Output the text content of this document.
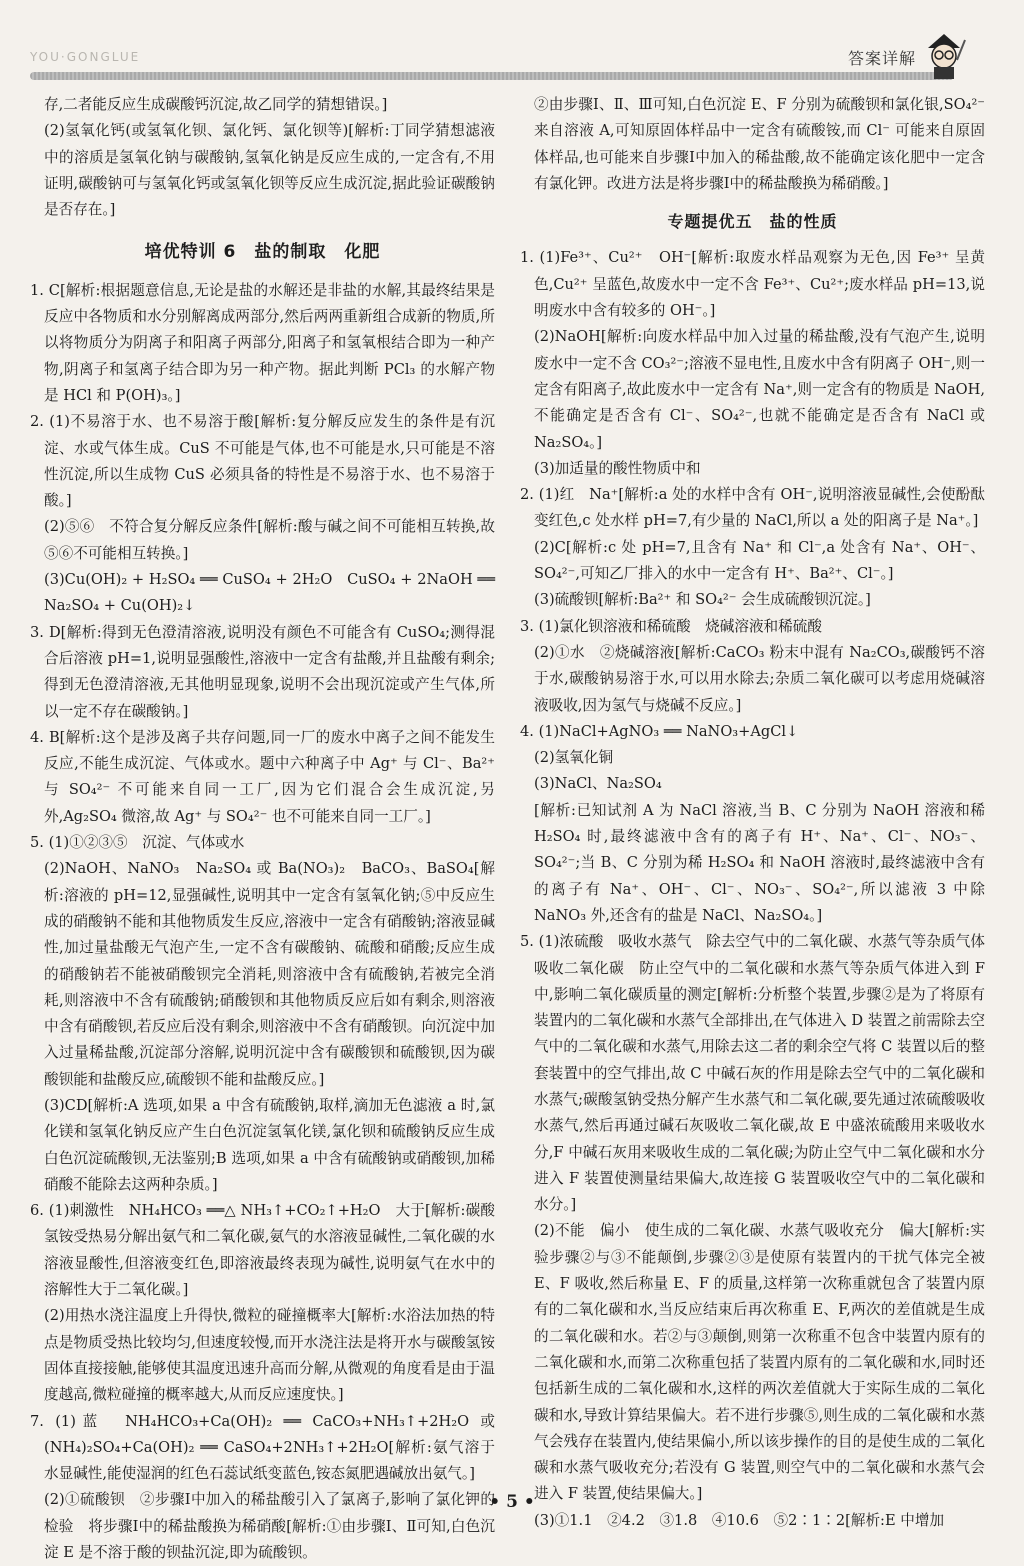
YOU·GONGLUE	答案详解

存,二者能反应生成碳酸钙沉淀,故乙同学的猜想错误。]

(2)氢氧化钙(或氢氧化钡、氯化钙、氯化钡等)[解析:丁同学猜想滤液中的溶质是氢氧化钠与碳酸钠,氢氧化钠是反应生成的,一定含有,不用证明,碳酸钠可与氢氧化钙或氢氧化钡等反应生成沉淀,据此验证碳酸钠是否存在。]

培优特训 6　盐的制取　化肥

1. C[解析:根据题意信息,无论是盐的水解还是非盐的水解,其最终结果是反应中各物质和水分别解离成两部分,然后两两重新组合成新的物质,所以将物质分为阴离子和阳离子两部分,阳离子和氢氧根结合即为一种产物,阴离子和氢离子结合即为另一种产物。据此判断 PCl₃ 的水解产物是 HCl 和 P(OH)₃。]

2. (1)不易溶于水、也不易溶于酸[解析:复分解反应发生的条件是有沉淀、水或气体生成。CuS 不可能是气体,也不可能是水,只可能是不溶性沉淀,所以生成物 CuS 必须具备的特性是不易溶于水、也不易溶于酸。]

(2)⑤⑥　不符合复分解反应条件[解析:酸与碱之间不可能相互转换,故⑤⑥不可能相互转换。]

(3)Cu(OH)₂ + H₂SO₄ ══ CuSO₄ + 2H₂O　CuSO₄ + 2NaOH ══ Na₂SO₄ + Cu(OH)₂↓

3. D[解析:得到无色澄清溶液,说明没有颜色不可能含有 CuSO₄;测得混合后溶液 pH=1,说明显强酸性,溶液中一定含有盐酸,并且盐酸有剩余;得到无色澄清溶液,无其他明显现象,说明不会出现沉淀或产生气体,所以一定不存在碳酸钠。]

4. B[解析:这个是涉及离子共存问题,同一厂的废水中离子之间不能发生反应,不能生成沉淀、气体或水。题中六种离子中 Ag⁺ 与 Cl⁻、Ba²⁺ 与 SO₄²⁻ 不可能来自同一工厂,因为它们混合会生成沉淀,另外,Ag₂SO₄ 微溶,故 Ag⁺ 与 SO₄²⁻ 也不可能来自同一工厂。]

5. (1)①②③⑤　沉淀、气体或水

(2)NaOH、NaNO₃　Na₂SO₄ 或 Ba(NO₃)₂　BaCO₃、BaSO₄[解析:溶液的 pH=12,显强碱性,说明其中一定含有氢氧化钠;⑤中反应生成的硝酸钠不能和其他物质发生反应,溶液中一定含有硝酸钠;溶液显碱性,加过量盐酸无气泡产生,一定不含有碳酸钠、硫酸和硝酸;反应生成的硝酸钠若不能被硝酸钡完全消耗,则溶液中含有硫酸钠,若被完全消耗,则溶液中不含有硫酸钠;硝酸钡和其他物质反应后如有剩余,则溶液中含有硝酸钡,若反应后没有剩余,则溶液中不含有硝酸钡。向沉淀中加入过量稀盐酸,沉淀部分溶解,说明沉淀中含有碳酸钡和硫酸钡,因为碳酸钡能和盐酸反应,硫酸钡不能和盐酸反应。]

(3)CD[解析:A 选项,如果 a 中含有硫酸钠,取样,滴加无色滤液 a 时,氯化镁和氢氧化钠反应产生白色沉淀氢氧化镁,氯化钡和硫酸钠反应生成白色沉淀硫酸钡,无法鉴别;B 选项,如果 a 中含有硫酸钠或硝酸钡,加稀硝酸不能除去这两种杂质。]

6. (1)刺激性　NH₄HCO₃ ══△ NH₃↑+CO₂↑+H₂O　大于[解析:碳酸氢铵受热易分解出氨气和二氧化碳,氨气的水溶液显碱性,二氧化碳的水溶液显酸性,但溶液变红色,即溶液最终表现为碱性,说明氨气在水中的溶解性大于二氧化碳。]

(2)用热水浇注温度上升得快,微粒的碰撞概率大[解析:水浴法加热的特点是物质受热比较均匀,但速度较慢,而开水浇注法是将开水与碳酸氢铵固体直接接触,能够使其温度迅速升高而分解,从微观的角度看是由于温度越高,微粒碰撞的概率越大,从而反应速度快。]

7. (1)蓝　NH₄HCO₃+Ca(OH)₂ ══ CaCO₃+NH₃↑+2H₂O 或 (NH₄)₂SO₄+Ca(OH)₂ ══ CaSO₄+2NH₃↑+2H₂O[解析:氨气溶于水显碱性,能使湿润的红色石蕊试纸变蓝色,铵态氮肥遇碱放出氨气。]

(2)①硫酸钡　②步骤Ⅰ中加入的稀盐酸引入了氯离子,影响了氯化钾的检验　将步骤Ⅰ中的稀盐酸换为稀硝酸[解析:①由步骤Ⅰ、Ⅱ可知,白色沉淀 E 是不溶于酸的钡盐沉淀,即为硫酸钡。

②由步骤Ⅰ、Ⅱ、Ⅲ可知,白色沉淀 E、F 分别为硫酸钡和氯化银,SO₄²⁻ 来自溶液 A,可知原固体样品中一定含有硫酸铵,而 Cl⁻ 可能来自原固体样品,也可能来自步骤Ⅰ中加入的稀盐酸,故不能确定该化肥中一定含有氯化钾。改进方法是将步骤Ⅰ中的稀盐酸换为稀硝酸。]

专题提优五　盐的性质

1. (1)Fe³⁺、Cu²⁺　OH⁻[解析:取废水样品观察为无色,因 Fe³⁺ 呈黄色,Cu²⁺ 呈蓝色,故废水中一定不含 Fe³⁺、Cu²⁺;废水样品 pH=13,说明废水中含有较多的 OH⁻。]

(2)NaOH[解析:向废水样品中加入过量的稀盐酸,没有气泡产生,说明废水中一定不含 CO₃²⁻;溶液不显电性,且废水中含有阴离子 OH⁻,则一定含有阳离子,故此废水中一定含有 Na⁺,则一定含有的物质是 NaOH,不能确定是否含有 Cl⁻、SO₄²⁻,也就不能确定是否含有 NaCl 或 Na₂SO₄。]

(3)加适量的酸性物质中和

2. (1)红　Na⁺[解析:a 处的水样中含有 OH⁻,说明溶液显碱性,会使酚酞变红色,c 处水样 pH=7,有少量的 NaCl,所以 a 处的阳离子是 Na⁺。]

(2)C[解析:c 处 pH=7,且含有 Na⁺ 和 Cl⁻,a 处含有 Na⁺、OH⁻、SO₄²⁻,可知乙厂排入的水中一定含有 H⁺、Ba²⁺、Cl⁻。]

(3)硫酸钡[解析:Ba²⁺ 和 SO₄²⁻ 会生成硫酸钡沉淀。]

3. (1)氯化钡溶液和稀硫酸　烧碱溶液和稀硫酸

(2)①水　②烧碱溶液[解析:CaCO₃ 粉末中混有 Na₂CO₃,碳酸钙不溶于水,碳酸钠易溶于水,可以用水除去;杂质二氧化碳可以考虑用烧碱溶液吸收,因为氢气与烧碱不反应。]

4. (1)NaCl+AgNO₃ ══ NaNO₃+AgCl↓

(2)氢氧化铜

(3)NaCl、Na₂SO₄

[解析:已知试剂 A 为 NaCl 溶液,当 B、C 分别为 NaOH 溶液和稀 H₂SO₄ 时,最终滤液中含有的离子有 H⁺、Na⁺、Cl⁻、NO₃⁻、SO₄²⁻;当 B、C 分别为稀 H₂SO₄ 和 NaOH 溶液时,最终滤液中含有的离子有 Na⁺、OH⁻、Cl⁻、NO₃⁻、SO₄²⁻,所以滤液 3 中除 NaNO₃ 外,还含有的盐是 NaCl、Na₂SO₄。]

5. (1)浓硫酸　吸收水蒸气　除去空气中的二氧化碳、水蒸气等杂质气体　吸收二氧化碳　防止空气中的二氧化碳和水蒸气等杂质气体进入到 F 中,影响二氧化碳质量的测定[解析:分析整个装置,步骤②是为了将原有装置内的二氧化碳和水蒸气全部排出,在气体进入 D 装置之前需除去空气中的二氧化碳和水蒸气,用除去这二者的剩余空气将 C 装置以后的整套装置中的空气排出,故 C 中碱石灰的作用是除去空气中的二氧化碳和水蒸气;碳酸氢钠受热分解产生水蒸气和二氧化碳,要先通过浓硫酸吸收水蒸气,然后再通过碱石灰吸收二氧化碳,故 E 中盛浓硫酸用来吸收水分,F 中碱石灰用来吸收生成的二氧化碳;为防止空气中二氧化碳和水分进入 F 装置使测量结果偏大,故连接 G 装置吸收空气中的二氧化碳和水分。]

(2)不能　偏小　使生成的二氧化碳、水蒸气吸收充分　偏大[解析:实验步骤②与③不能颠倒,步骤②③是使原有装置内的干扰气体完全被 E、F 吸收,然后称量 E、F 的质量,这样第一次称重就包含了装置内原有的二氧化碳和水,当反应结束后再次称重 E、F,两次的差值就是生成的二氧化碳和水。若②与③颠倒,则第一次称重不包含中装置内原有的二氧化碳和水,而第二次称重包括了装置内原有的二氧化碳和水,同时还包括新生成的二氧化碳和水,这样的两次差值就大于实际生成的二氧化碳和水,导致计算结果偏大。若不进行步骤⑤,则生成的二氧化碳和水蒸气会残存在装置内,使结果偏小,所以该步操作的目的是使生成的二氧化碳和水蒸气吸收充分;若没有 G 装置,则空气中的二氧化碳和水蒸气会进入 F 装置,使结果偏大。]

(3)①1.1　②4.2　③1.8　④10.6　⑤2∶1∶2[解析:E 中增加

• 5 •
